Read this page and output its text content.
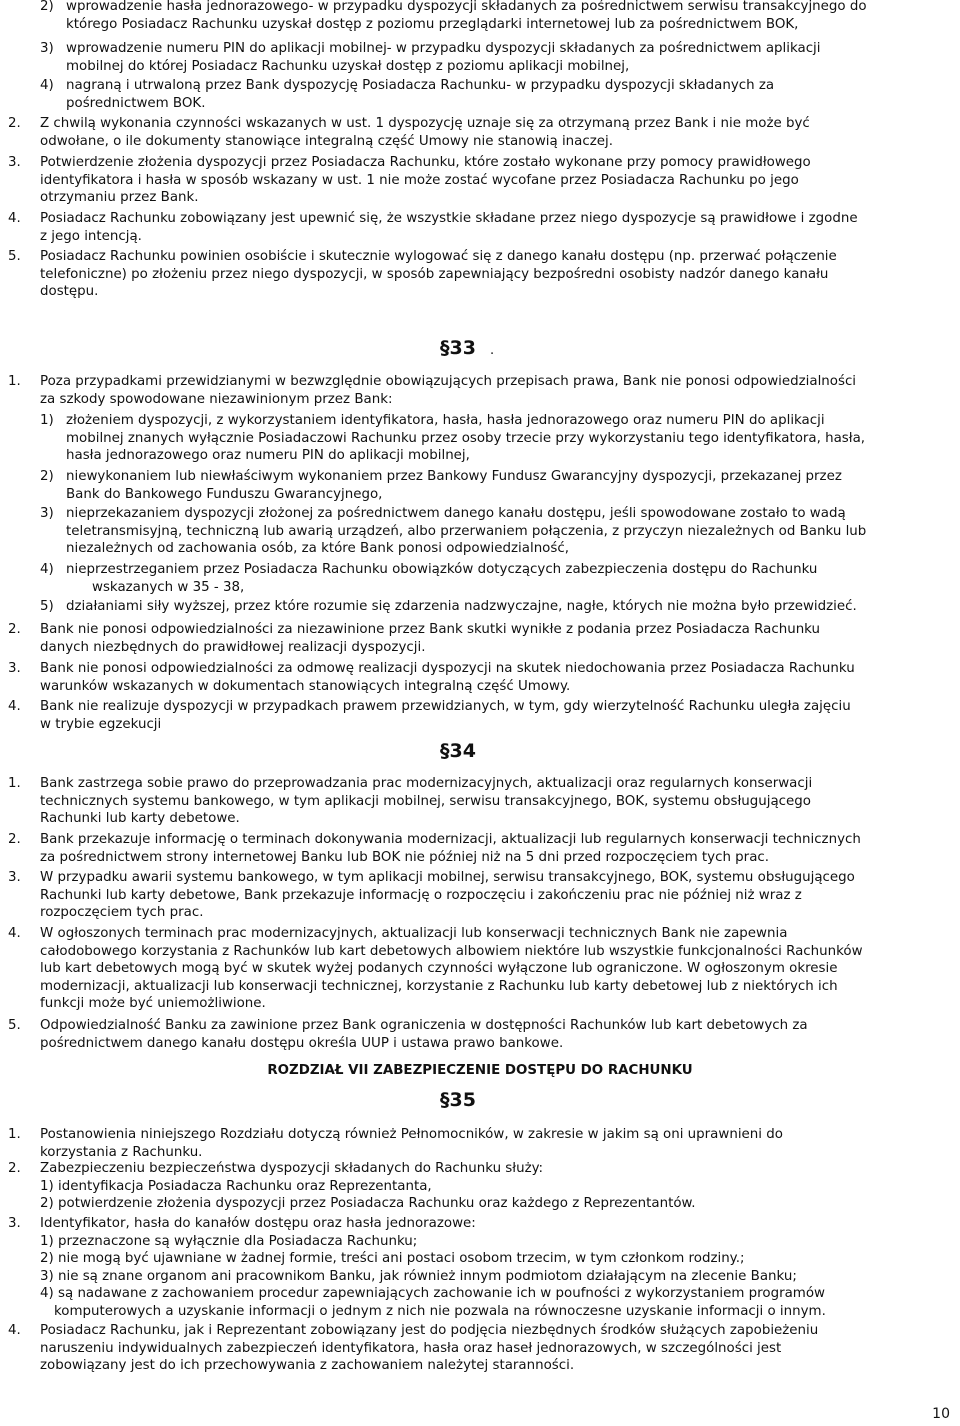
2) wprowadzenie hasła jednorazowego- w przypadku dyspozycji składanych za pośrednictwem serwisu transakcyjnego do
którego Posiadacz Rachunku uzyskał dostęp z poziomu przeglądarki internetowej lub za pośrednictwem BOK,
3) wprowadzenie numeru PIN do aplikacji mobilnej- w przypadku dyspozycji składanych za pośrednictwem aplikacji
mobilnej do której Posiadacz Rachunku uzyskał dostęp z poziomu aplikacji mobilnej,
4) nagraną i utrwaloną przez Bank dyspozycję Posiadacza Rachunku- w przypadku dyspozycji składanych za
pośrednictwem BOK.
2. Z chwilą wykonania czynności wskazanych w ust. 1 dyspozycję uznaje się za otrzymaną przez Bank i nie może być
odwołane, o ile dokumenty stanowiące integralną część Umowy nie stanowią inaczej.
3. Potwierdzenie złożenia dyspozycji przez Posiadacza Rachunku, które zostało wykonane przy pomocy prawidłowego
identyfikatora i hasła w sposób wskazany w ust. 1 nie może zostać wycofane przez Posiadacza Rachunku po jego
otrzymaniu przez Bank.
4. Posiadacz Rachunku zobowiązany jest upewnić się, że wszystkie składane przez niego dyspozycje są prawidłowe i zgodne
z jego intencją.
5. Posiadacz Rachunku powinien osobiście i skutecznie wylogować się z danego kanału dostępu (np. przerwać połączenie
telefoniczne) po złożeniu przez niego dyspozycji, w sposób zapewniający bezpośredni osobisty nadzór danego kanału
dostępu.
§33 .
1. Poza przypadkami przewidzianymi w bezwzględnie obowiązujących przepisach prawa, Bank nie ponosi odpowiedzialności
za szkody spowodowane niezawinionym przez Bank:
1) złożeniem dyspozycji, z wykorzystaniem identyfikatora, hasła, hasła jednorazowego oraz numeru PIN do aplikacji
mobilnej znanych wyłącznie Posiadaczowi Rachunku przez osoby trzecie przy wykorzystaniu tego identyfikatora, hasła,
hasła jednorazowego oraz numeru PIN do aplikacji mobilnej,
2) niewykonaniem lub niewłaściwym wykonaniem przez Bankowy Fundusz Gwarancyjny dyspozycji, przekazanej przez
Bank do Bankowego Funduszu Gwarancyjnego,
3) nieprzekazaniem dyspozycji złożonej za pośrednictwem danego kanału dostępu, jeśli spowodowane zostało to wadą
teletransmisyjną, techniczną lub awarią urządzeń, albo przerwaniem połączenia, z przyczyn niezależnych od Banku lub
niezależnych od zachowania osób, za które Bank ponosi odpowiedzialność,
4) nieprzestrzeganiem przez Posiadacza Rachunku obowiązków dotyczących zabezpieczenia dostępu do Rachunku
wskazanych w 35 - 38,
5) działaniami siły wyższej, przez które rozumie się zdarzenia nadzwyczajne, nagłe, których nie można było przewidzieć.
2. Bank nie ponosi odpowiedzialności za niezawinione przez Bank skutki wynikłe z podania przez Posiadacza Rachunku
danych niezbędnych do prawidłowej realizacji dyspozycji.
3. Bank nie ponosi odpowiedzialności za odmowę realizacji dyspozycji na skutek niedochowania przez Posiadacza Rachunku
warunków wskazanych w dokumentach stanowiących integralną część Umowy.
4. Bank nie realizuje dyspozycji w przypadkach prawem przewidzianych, w tym, gdy wierzytelność Rachunku uległa zajęciu
w trybie egzekucji
§34
1. Bank zastrzega sobie prawo do przeprowadzania prac modernizacyjnych, aktualizacji oraz regularnych konserwacji
technicznych systemu bankowego, w tym aplikacji mobilnej, serwisu transakcyjnego, BOK, systemu obsługującego
Rachunki lub karty debetowe.
2. Bank przekazuje informację o terminach dokonywania modernizacji, aktualizacji lub regularnych konserwacji technicznych
za pośrednictwem strony internetowej Banku lub BOK nie później niż na 5 dni przed rozpoczęciem tych prac.
3. W przypadku awarii systemu bankowego, w tym aplikacji mobilnej, serwisu transakcyjnego, BOK, systemu obsługującego
Rachunki lub karty debetowe, Bank przekazuje informację o rozpoczęciu i zakończeniu prac nie później niż wraz z
rozpoczęciem tych prac.
4. W ogłoszonych terminach prac modernizacyjnych, aktualizacji lub konserwacji technicznych Bank nie zapewnia
całodobowego korzystania z Rachunków lub kart debetowych albowiem niektóre lub wszystkie funkcjonalności Rachunków
lub kart debetowych mogą być w skutek wyżej podanych czynności wyłączone lub ograniczone. W ogłoszonym okresie
modernizacji, aktualizacji lub konserwacji technicznej, korzystanie z Rachunku lub karty debetowej lub z niektórych ich
funkcji może być uniemożliwione.
5. Odpowiedzialność Banku za zawinione przez Bank ograniczenia w dostępności Rachunków lub kart debetowych za
pośrednictwem danego kanału dostępu określa UUP i ustawa prawo bankowe.
ROZDZIAŁ VII ZABEZPIECZENIE DOSTĘPU DO RACHUNKU
§35
1. Postanowienia niniejszego Rozdziału dotyczą również Pełnomocników, w zakresie w jakim są oni uprawnieni do
korzystania z Rachunku.
2. Zabezpieczeniu bezpieczeństwa dyspozycji składanych do Rachunku służy:
1) identyfikacja Posiadacza Rachunku oraz Reprezentanta,
2) potwierdzenie złożenia dyspozycji przez Posiadacza Rachunku oraz każdego z Reprezentantów.
3. Identyfikator, hasła do kanałów dostępu oraz hasła jednorazowe:
1) przeznaczone są wyłącznie dla Posiadacza Rachunku;
2) nie mogą być ujawniane w żadnej formie, treści ani postaci osobom trzecim, w tym członkom rodziny.;
3) nie są znane organom ani pracownikom Banku, jak również innym podmiotom działającym na zlecenie Banku;
4) są nadawane z zachowaniem procedur zapewniających zachowanie ich w poufności z wykorzystaniem programów
komputerowych a uzyskanie informacji o jednym z nich nie pozwala na równoczesne uzyskanie informacji o innym.
4. Posiadacz Rachunku, jak i Reprezentant zobowiązany jest do podjęcia niezbędnych środków służących zapobieżeniu
naruszeniu indywidualnych zabezpieczeń identyfikatora, hasła oraz haseł jednorazowych, w szczególności jest
zobowiązany jest do ich przechowywania z zachowaniem należytej staranności.
10
